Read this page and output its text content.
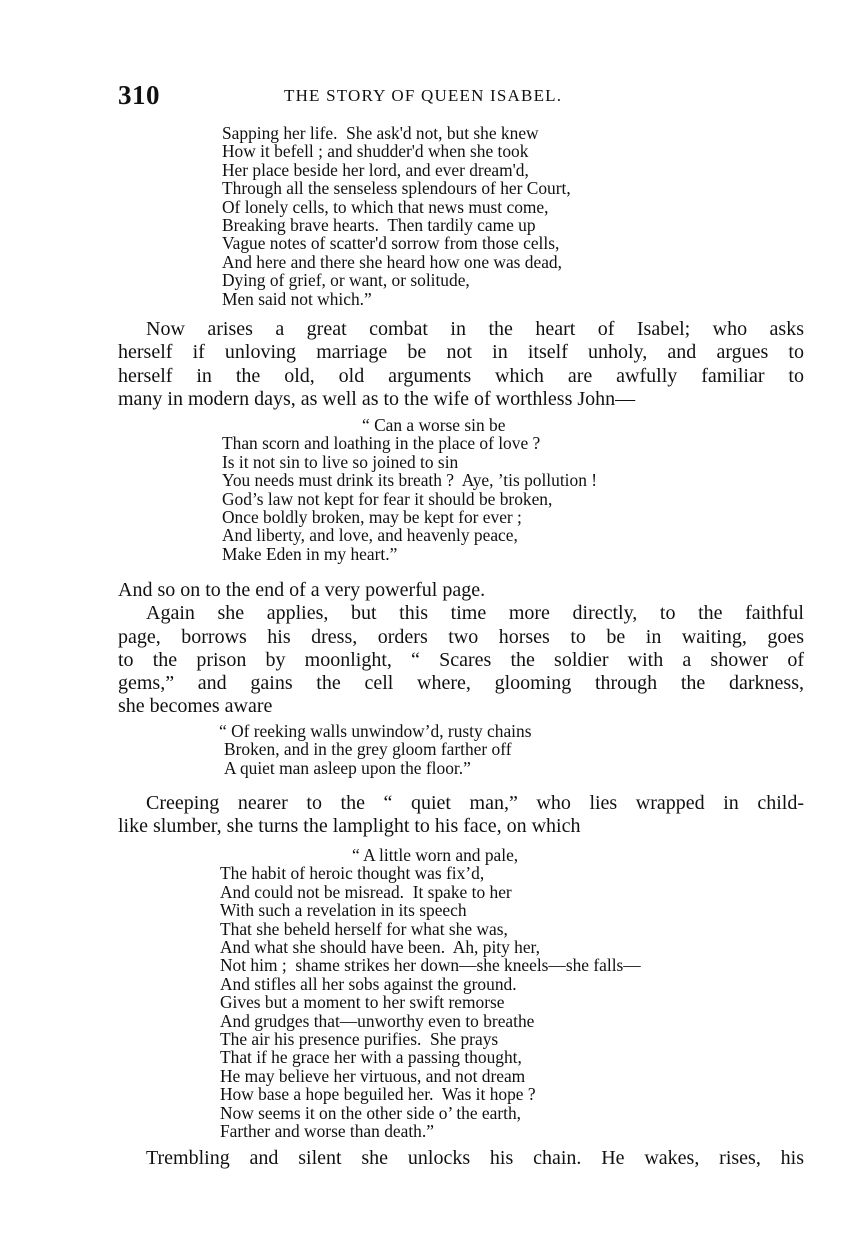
310	THE STORY OF QUEEN ISABEL.
Sapping her life.  She ask'd not, but she knew
How it befell ; and shudder'd when she took
Her place beside her lord, and ever dream'd,
Through all the senseless splendours of her Court,
Of lonely cells, to which that news must come,
Breaking brave hearts.  Then tardily came up
Vague notes of scatter'd sorrow from those cells,
And here and there she heard how one was dead,
Dying of grief, or want, or solitude,
Men said not which.”
Now arises a great combat in the heart of Isabel; who asks
herself if unloving marriage be not in itself unholy, and argues to
herself in the old, old arguments which are awfully familiar to
many in modern days, as well as to the wife of worthless John—
“ Can a worse sin be
Than scorn and loathing in the place of love ?
Is it not sin to live so joined to sin
You needs must drink its breath ?  Aye, ’tis pollution !
God’s law not kept for fear it should be broken,
Once boldly broken, may be kept for ever ;
And liberty, and love, and heavenly peace,
Make Eden in my heart.”
And so on to the end of a very powerful page.
Again she applies, but this time more directly, to the faithful
page, borrows his dress, orders two horses to be in waiting, goes
to the prison by moonlight, “ Scares the soldier with a shower of
gems,” and gains the cell where, glooming through the darkness,
she becomes aware
“ Of reeking walls unwindow’d, rusty chains
Broken, and in the grey gloom farther off
A quiet man asleep upon the floor.”
Creeping nearer to the “ quiet man,” who lies wrapped in child-
like slumber, she turns the lamplight to his face, on which
“ A little worn and pale,
The habit of heroic thought was fix’d,
And could not be misread.  It spake to her
With such a revelation in its speech
That she beheld herself for what she was,
And what she should have been.  Ah, pity her,
Not him ;  shame strikes her down—she kneels—she falls—
And stifles all her sobs against the ground.
Gives but a moment to her swift remorse
And grudges that—unworthy even to breathe
The air his presence purifies.  She prays
That if he grace her with a passing thought,
He may believe her virtuous, and not dream
How base a hope beguiled her.  Was it hope ?
Now seems it on the other side o’ the earth,
Farther and worse than death.”
Trembling and silent she unlocks his chain. He wakes, rises, his
